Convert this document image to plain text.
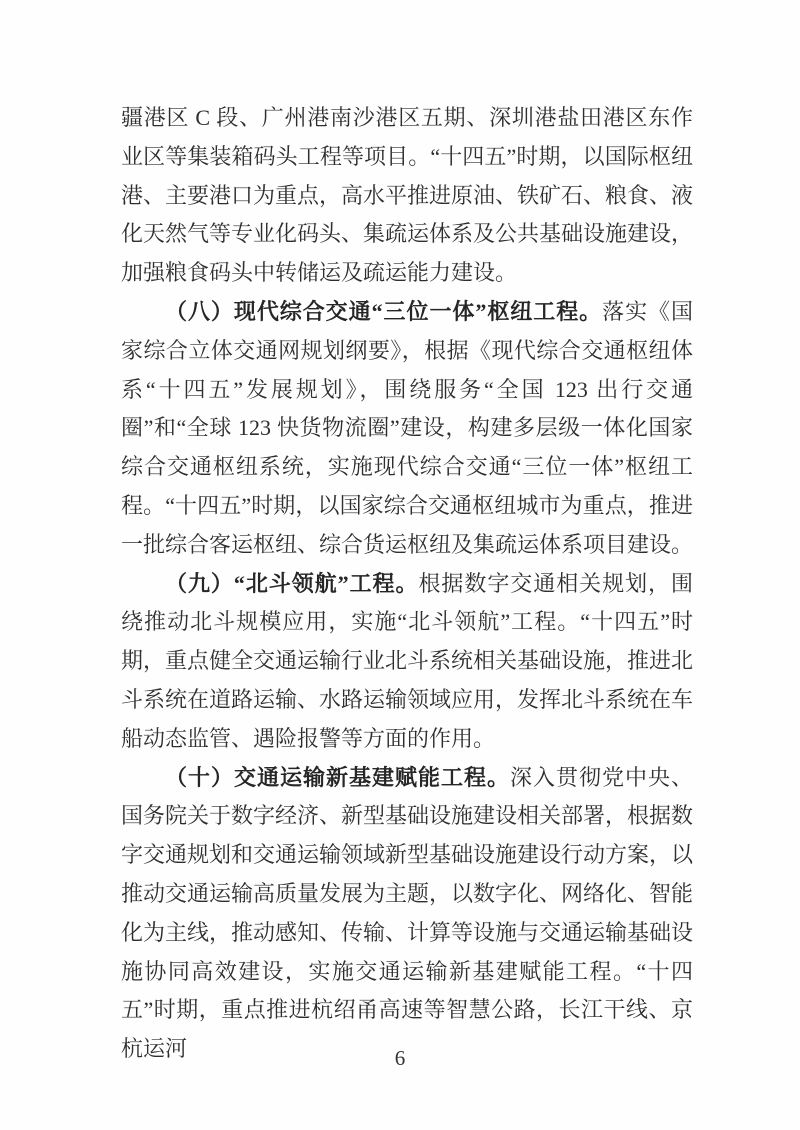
疆港区 C 段、广州港南沙港区五期、深圳港盐田港区东作业区等集装箱码头工程等项目。“十四五”时期，以国际枢纽港、主要港口为重点，高水平推进原油、铁矿石、粮食、液化天然气等专业化码头、集疏运体系及公共基础设施建设，加强粮食码头中转储运及疏运能力建设。

（八）现代综合交通“三位一体”枢纽工程。落实《国家综合立体交通网规划纲要》，根据《现代综合交通枢纽体系“十四五”发展规划》，围绕服务“全国 123 出行交通圈”和“全球 123 快货物流圈”建设，构建多层级一体化国家综合交通枢纽系统，实施现代综合交通“三位一体”枢纽工程。“十四五”时期，以国家综合交通枢纽城市为重点，推进一批综合客运枢纽、综合货运枢纽及集疏运体系项目建设。

（九）“北斗领航”工程。根据数字交通相关规划，围绕推动北斗规模应用，实施“北斗领航”工程。“十四五”时期，重点健全交通运输行业北斗系统相关基础设施，推进北斗系统在道路运输、水路运输领域应用，发挥北斗系统在车船动态监管、遇险报警等方面的作用。

（十）交通运输新基建赋能工程。深入贯彻党中央、国务院关于数字经济、新型基础设施建设相关部署，根据数字交通规划和交通运输领域新型基础设施建设行动方案，以推动交通运输高质量发展为主题，以数字化、网络化、智能化为主线，推动感知、传输、计算等设施与交通运输基础设施协同高效建设，实施交通运输新基建赋能工程。“十四五”时期，重点推进杭绍甬高速等智慧公路，长江干线、京杭运河	6
